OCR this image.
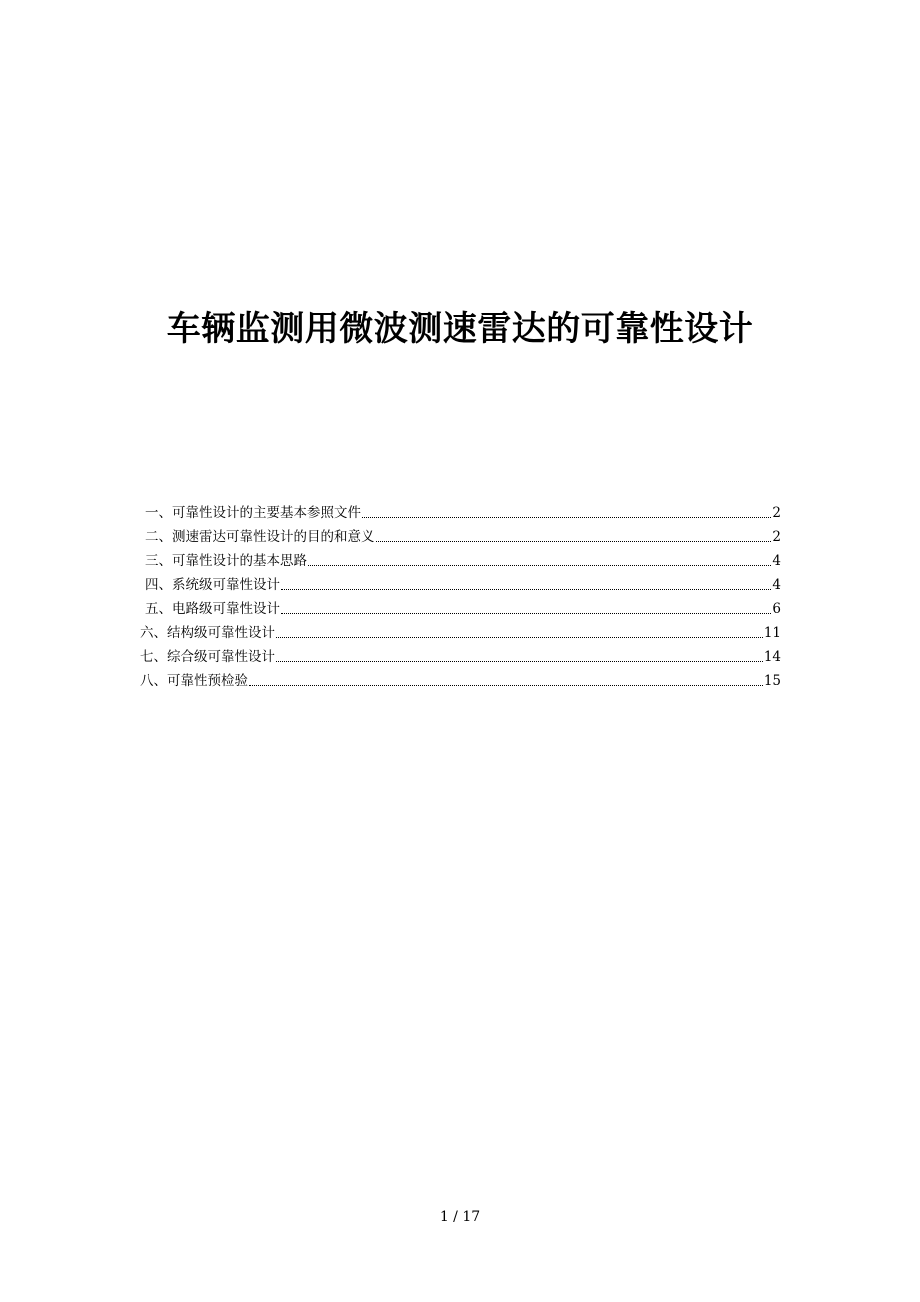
车辆监测用微波测速雷达的可靠性设计
一、可靠性设计的主要基本参照文件	2
二、测速雷达可靠性设计的目的和意义	2
三、可靠性设计的基本思路	4
四、系统级可靠性设计	4
五、电路级可靠性设计	6
六、结构级可靠性设计	11
七、综合级可靠性设计	14
八、可靠性预检验	15
1 / 17
